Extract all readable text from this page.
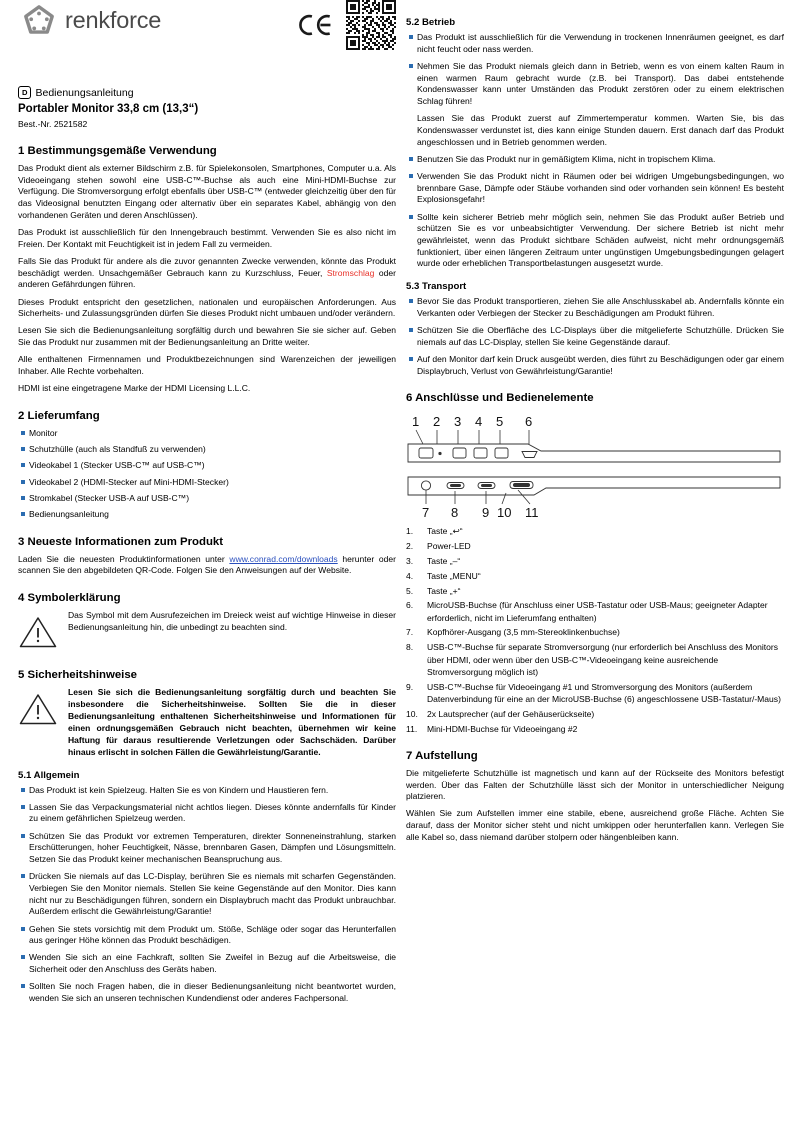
renkforce
D Bedienungsanleitung
Portabler Monitor 33,8 cm (13,3“)
Best.-Nr. 2521582
1 Bestimmungsgemäße Verwendung

Das Produkt dient als externer Bildschirm z.B. für Spielekonsolen, Smartphones, Computer u.a. Als Videoeingang stehen sowohl eine USB-C™-Buchse als auch eine Mini-HDMI-Buchse zur Verfügung. Die Stromversorgung erfolgt ebenfalls über USB-C™ (entweder gleichzeitig über den für das Videosignal benutzten Eingang oder alternativ über ein separates Kabel, abhängig von den vorhandenen Geräten und deren Anschlüssen).

Das Produkt ist ausschließlich für den Innengebrauch bestimmt. Verwenden Sie es also nicht im Freien. Der Kontakt mit Feuchtigkeit ist in jedem Fall zu vermeiden.

Falls Sie das Produkt für andere als die zuvor genannten Zwecke verwenden, könnte das Produkt beschädigt werden. Unsachgemäßer Gebrauch kann zu Kurzschluss, Feuer, Stromschlag oder anderen Gefährdungen führen.

Dieses Produkt entspricht den gesetzlichen, nationalen und europäischen Anforderungen. Aus Sicherheits- und Zulassungsgründen dürfen Sie dieses Produkt nicht umbauen und/oder verändern.

Lesen Sie sich die Bedienungsanleitung sorgfältig durch und bewahren Sie sie sicher auf. Geben Sie das Produkt nur zusammen mit der Bedienungsanleitung an Dritte weiter.

Alle enthaltenen Firmennamen und Produktbezeichnungen sind Warenzeichen der jeweiligen Inhaber. Alle Rechte vorbehalten.

HDMI ist eine eingetragene Marke der HDMI Licensing L.L.C.

2 Lieferumfang
Monitor
Schutzhülle (auch als Standfuß zu verwenden)
Videokabel 1 (Stecker USB-C™ auf USB-C™)
Videokabel 2 (HDMI-Stecker auf Mini-HDMI-Stecker)
Stromkabel (Stecker USB-A auf USB-C™)
Bedienungsanleitung
3 Neueste Informationen zum Produkt

Laden Sie die neuesten Produktinformationen unter www.conrad.com/downloads herunter oder scannen Sie den abgebildeten QR-Code. Folgen Sie den Anweisungen auf der Website.

4 Symbolerklärung
Das Symbol mit dem Ausrufezeichen im Dreieck weist auf wichtige Hinweise in dieser Bedienungsanleitung hin, die unbedingt zu beachten sind.
5 Sicherheitshinweise
Lesen Sie sich die Bedienungsanleitung sorgfältig durch und beachten Sie insbesondere die Sicherheitshinweise. Sollten Sie die in dieser Bedienungsanleitung enthaltenen Sicherheitshinweise und Informationen für einen ordnungsgemäßen Gebrauch nicht beachten, übernehmen wir keine Haftung für daraus resultierende Verletzungen oder Sachschäden. Darüber hinaus erlischt in solchen Fällen die Gewährleistung/Garantie.
5.1 Allgemein
Das Produkt ist kein Spielzeug. Halten Sie es von Kindern und Haustieren fern.
Lassen Sie das Verpackungsmaterial nicht achtlos liegen. Dieses könnte andernfalls für Kinder zu einem gefährlichen Spielzeug werden.
Schützen Sie das Produkt vor extremen Temperaturen, direkter Sonneneinstrahlung, starken Erschütterungen, hoher Feuchtigkeit, Nässe, brennbaren Gasen, Dämpfen und Lösungsmitteln. Setzen Sie das Produkt keiner mechanischen Beanspruchung aus.
Drücken Sie niemals auf das LC-Display, berühren Sie es niemals mit scharfen Gegenständen. Verbiegen Sie den Monitor niemals. Stellen Sie keine Gegenstände auf den Monitor. Dies kann nicht nur zu Beschädigungen führen, sondern ein Displaybruch macht das Produkt unbrauchbar. Außerdem erlischt die Gewährleistung/Garantie!
Gehen Sie stets vorsichtig mit dem Produkt um. Stöße, Schläge oder sogar das Herunterfallen aus geringer Höhe können das Produkt beschädigen.
Wenden Sie sich an eine Fachkraft, sollten Sie Zweifel in Bezug auf die Arbeitsweise, die Sicherheit oder den Anschluss des Geräts haben.
Sollten Sie noch Fragen haben, die in dieser Bedienungsanleitung nicht beantwortet wurden, wenden Sie sich an unseren technischen Kundendienst oder anderes Fachpersonal.
5.2 Betrieb
Das Produkt ist ausschließlich für die Verwendung in trockenen Innenräumen geeignet, es darf nicht feucht oder nass werden.
Nehmen Sie das Produkt niemals gleich dann in Betrieb, wenn es von einem kalten Raum in einen warmen Raum gebracht wurde (z.B. bei Transport). Das dabei entstehende Kondenswasser kann unter Umständen das Produkt zerstören oder zu einem elektrischen Schlag führen!

Lassen Sie das Produkt zuerst auf Zimmertemperatur kommen. Warten Sie, bis das Kondenswasser verdunstet ist, dies kann einige Stunden dauern. Erst danach darf das Produkt angeschlossen und in Betrieb genommen werden.

Benutzen Sie das Produkt nur in gemäßigtem Klima, nicht in tropischem Klima.
Verwenden Sie das Produkt nicht in Räumen oder bei widrigen Umgebungsbedingungen, wo brennbare Gase, Dämpfe oder Stäube vorhanden sind oder vorhanden sein können! Es besteht Explosionsgefahr!
Sollte kein sicherer Betrieb mehr möglich sein, nehmen Sie das Produkt außer Betrieb und schützen Sie es vor unbeabsichtigter Verwendung. Der sichere Betrieb ist nicht mehr gewährleistet, wenn das Produkt sichtbare Schäden aufweist, nicht mehr ordnungsgemäß funktioniert, über einen längeren Zeitraum unter ungünstigen Umgebungsbedingungen gelagert wurde oder erheblichen Transportbelastungen ausgesetzt wurde.
5.3 Transport
Bevor Sie das Produkt transportieren, ziehen Sie alle Anschlusskabel ab. Andernfalls könnte ein Verkanten oder Verbiegen der Stecker zu Beschädigungen am Produkt führen.
Schützen Sie die Oberfläche des LC-Displays über die mitgelieferte Schutzhülle. Drücken Sie niemals auf das LC-Display, stellen Sie keine Gegenstände darauf.
Auf den Monitor darf kein Druck ausgeübt werden, dies führt zu Beschädigungen oder gar einem Displaybruch, Verlust von Gewährleistung/Garantie!
6 Anschlüsse und Bedienelemente
1 2 3 4 5 6
7 8 9 10 11
1.	Taste „↩“
2.	Power-LED
3.	Taste „–“
4.	Taste „MENU“
5.	Taste „+“
6.	MicroUSB-Buchse (für Anschluss einer USB-Tastatur oder USB-Maus; geeigneter Adapter erforderlich, nicht im Lieferumfang enthalten)
7.	Kopfhörer-Ausgang (3,5 mm-Stereoklinkenbuchse)
8.	USB-C™-Buchse für separate Stromversorgung (nur erforderlich bei Anschluss des Monitors über HDMI, oder wenn über den USB-C™-Videoeingang keine ausreichende Stromversorgung möglich ist)
9.	USB-C™-Buchse für Videoeingang #1 und Stromversorgung des Monitors (außerdem Datenverbindung für eine an der MicroUSB-Buchse (6) angeschlossene USB-Tastatur/-Maus)
10.	2x Lautsprecher (auf der Gehäuserückseite)
11.	Mini-HDMI-Buchse für Videoeingang #2
7 Aufstellung

Die mitgelieferte Schutzhülle ist magnetisch und kann auf der Rückseite des Monitors befestigt werden. Über das Falten der Schutzhülle lässt sich der Monitor in unterschiedlicher Neigung platzieren.

Wählen Sie zum Aufstellen immer eine stabile, ebene, ausreichend große Fläche. Achten Sie darauf, dass der Monitor sicher steht und nicht umkippen oder herunterfallen kann. Verlegen Sie alle Kabel so, dass niemand darüber stolpern oder hängenbleiben kann.
